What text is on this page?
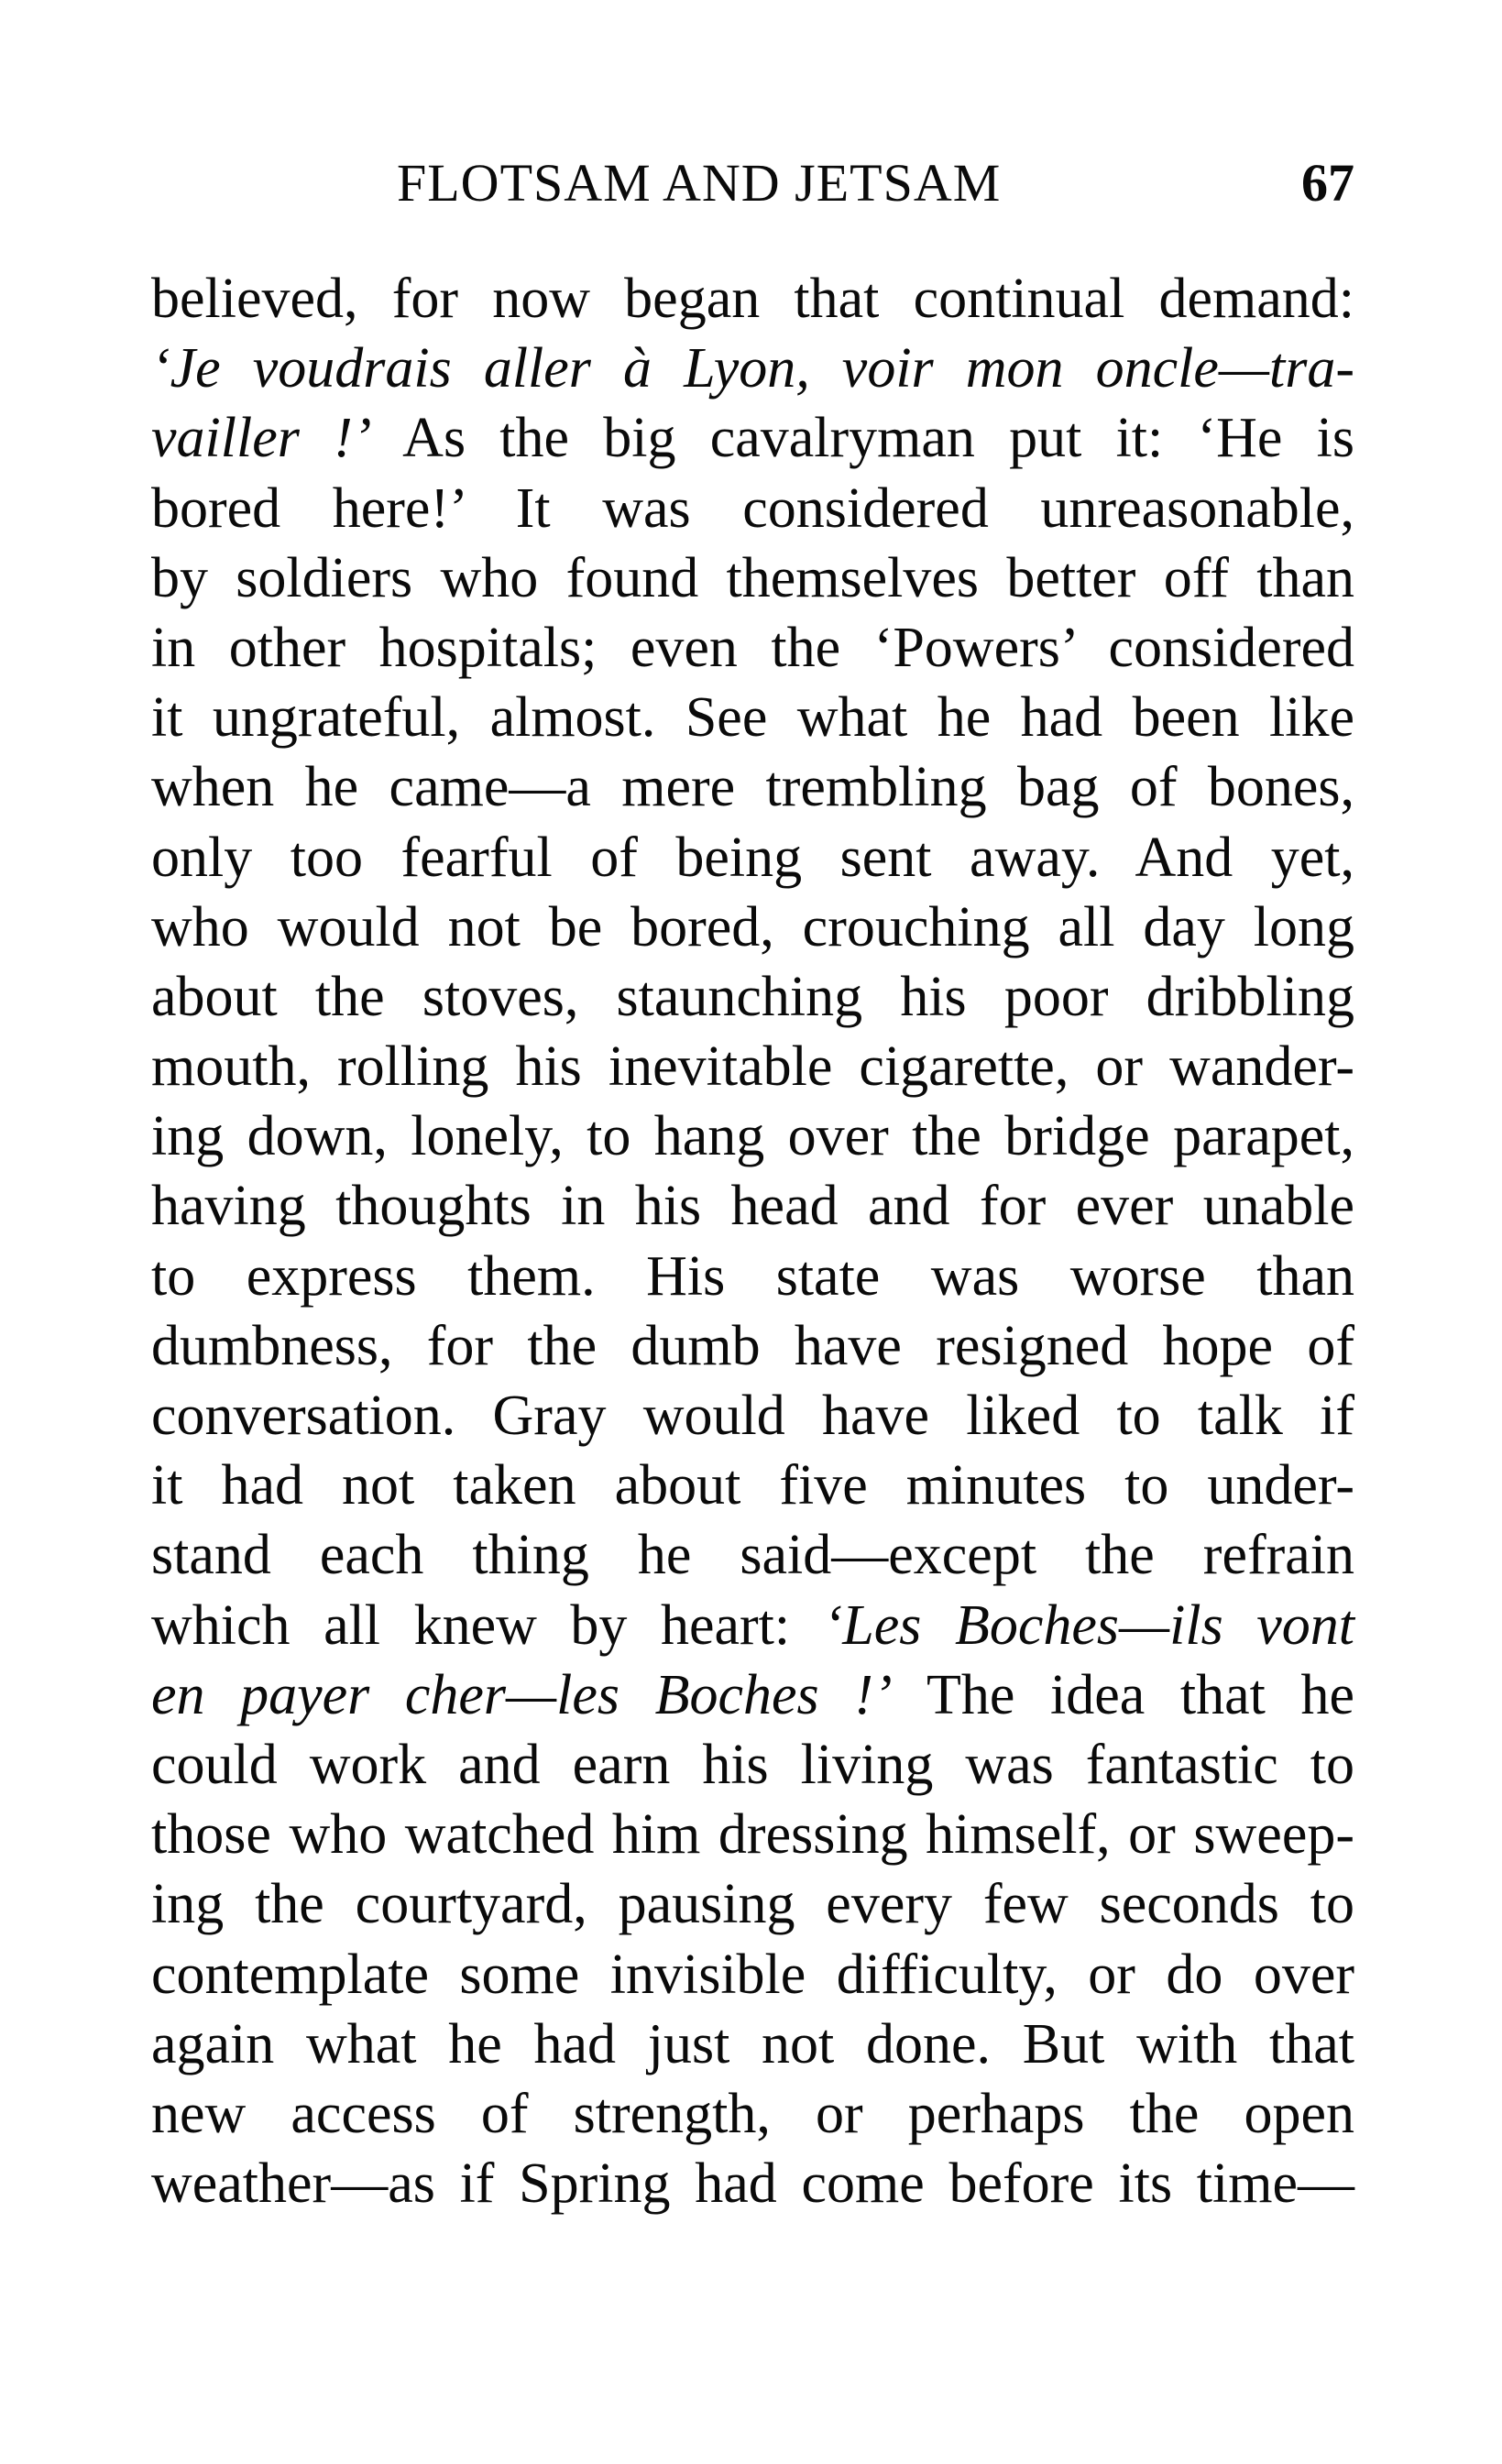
FLOTSAM AND JETSAM	67
believed, for now began that continual demand:
‘Je voudrais aller à Lyon, voir mon oncle—tra-
vailler !’ As the big cavalryman put it: ‘He is
bored here!’ It was considered unreasonable,
by soldiers who found themselves better off than
in other hospitals; even the ‘Powers’ considered
it ungrateful, almost. See what he had been like
when he came—a mere trembling bag of bones,
only too fearful of being sent away. And yet,
who would not be bored, crouching all day long
about the stoves, staunching his poor dribbling
mouth, rolling his inevitable cigarette, or wander-
ing down, lonely, to hang over the bridge parapet,
having thoughts in his head and for ever unable
to express them. His state was worse than
dumbness, for the dumb have resigned hope of
conversation. Gray would have liked to talk if
it had not taken about five minutes to under-
stand each thing he said—except the refrain
which all knew by heart: ‘Les Boches—ils vont
en payer cher—les Boches !’ The idea that he
could work and earn his living was fantastic to
those who watched him dressing himself, or sweep-
ing the courtyard, pausing every few seconds to
contemplate some invisible difficulty, or do over
again what he had just not done. But with that
new access of strength, or perhaps the open
weather—as if Spring had come before its time—
